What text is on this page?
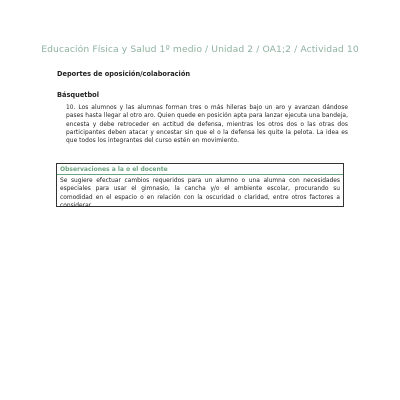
Educación Física y Salud 1º medio / Unidad 2 / OA1;2 / Actividad 10
Deportes de oposición/colaboración
Básquetbol
10. Los alumnos y las alumnas forman tres o más hileras bajo un aro y avanzan dándose pases hasta llegar al otro aro. Quien quede en posición apta para lanzar ejecuta una bandeja, encesta y debe retroceder en actitud de defensa, mientras los otros dos o las otras dos participantes deben atacar y encestar sin que el o la defensa les quite la pelota. La idea es que todos los integrantes del curso estén en movimiento.
Observaciones a la o el docente
Se sugiere efectuar cambios requeridos para un alumno o una alumna con necesidades especiales para usar el gimnasio, la cancha y/o el ambiente escolar, procurando su comodidad en el espacio o en relación con la oscuridad o claridad, entre otros factores a considerar.
